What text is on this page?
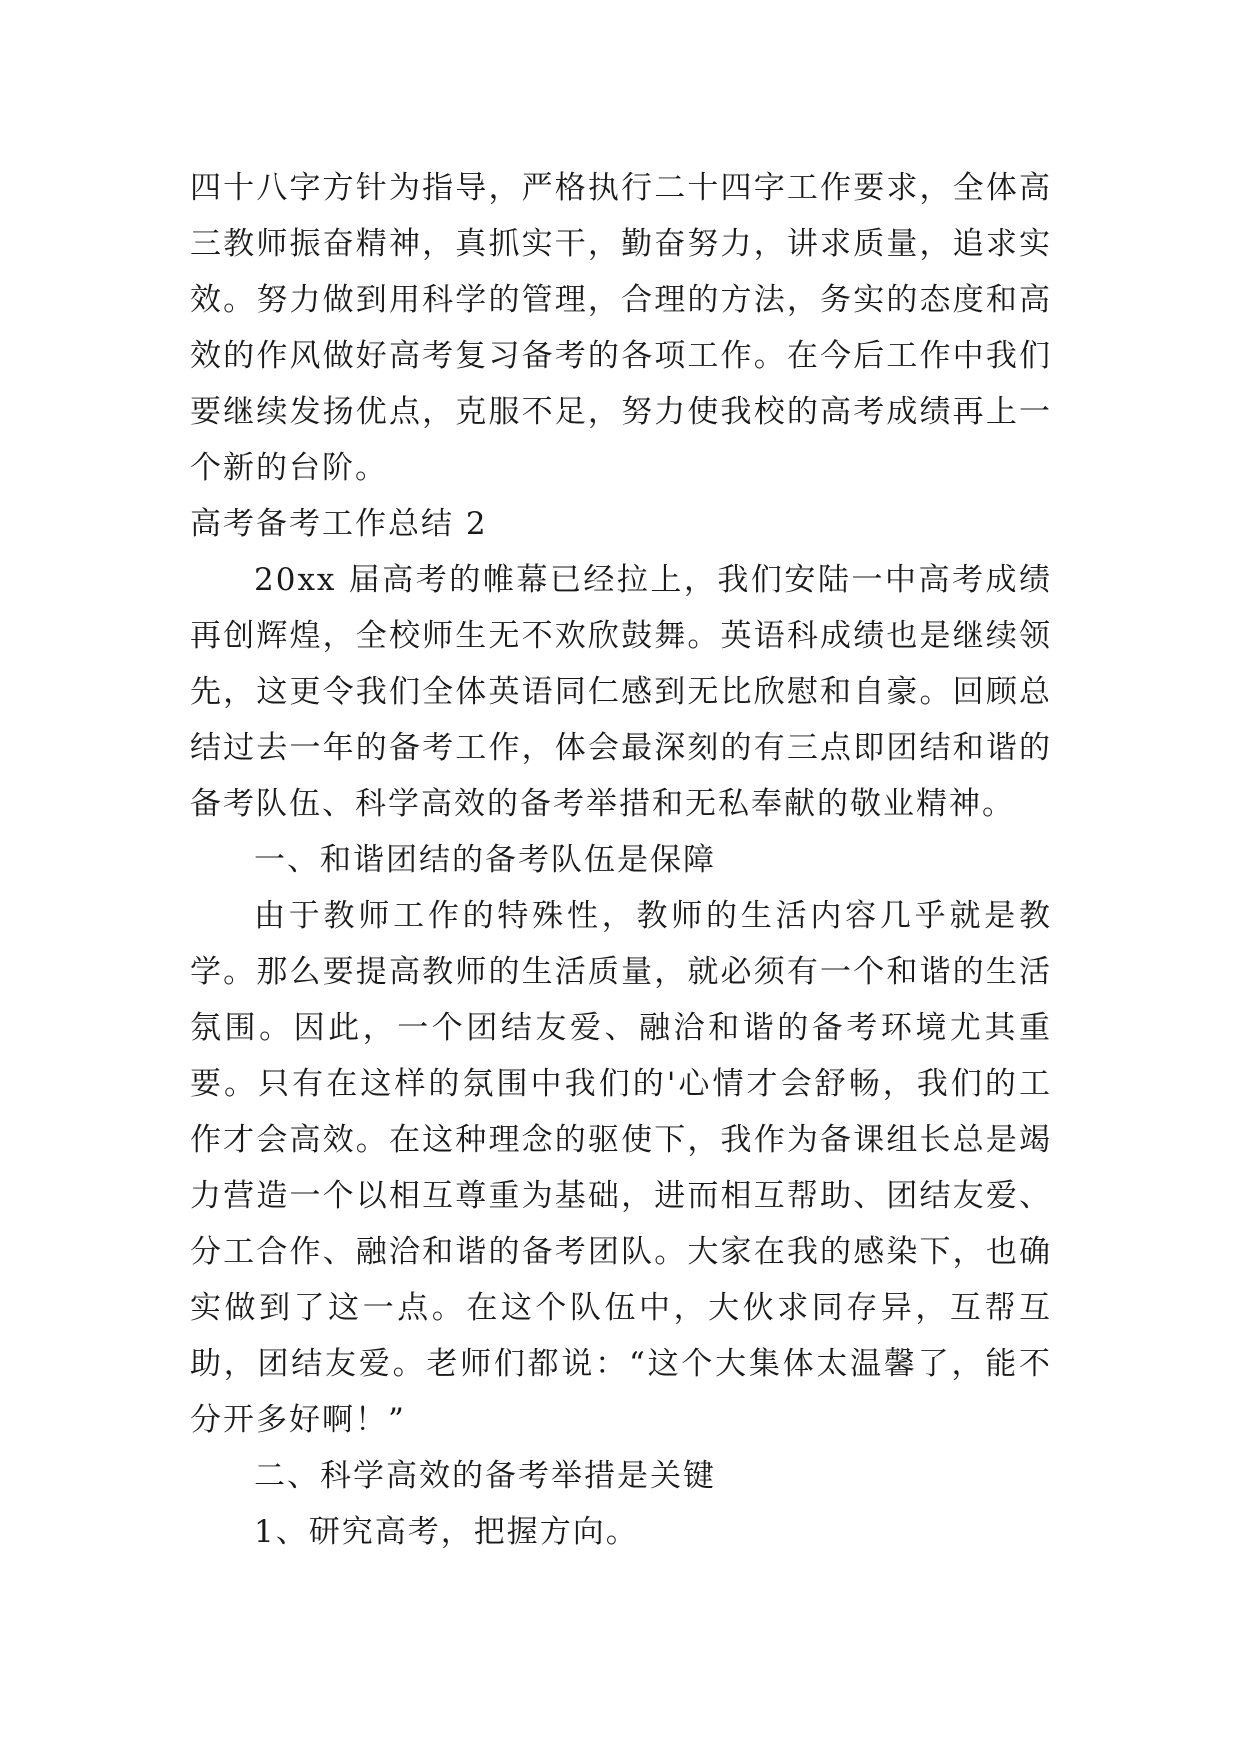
四十八字方针为指导，严格执行二十四字工作要求，全体高三教师振奋精神，真抓实干，勤奋努力，讲求质量，追求实效。努力做到用科学的管理，合理的方法，务实的态度和高效的作风做好高考复习备考的各项工作。在今后工作中我们要继续发扬优点，克服不足，努力使我校的高考成绩再上一个新的台阶。

高考备考工作总结 2

20xx 届高考的帷幕已经拉上，我们安陆一中高考成绩再创辉煌，全校师生无不欢欣鼓舞。英语科成绩也是继续领先，这更令我们全体英语同仁感到无比欣慰和自豪。回顾总结过去一年的备考工作，体会最深刻的有三点即团结和谐的备考队伍、科学高效的备考举措和无私奉献的敬业精神。

一、和谐团结的备考队伍是保障

由于教师工作的特殊性，教师的生活内容几乎就是教学。那么要提高教师的生活质量，就必须有一个和谐的生活氛围。因此，一个团结友爱、融洽和谐的备考环境尤其重要。只有在这样的氛围中我们的'心情才会舒畅，我们的工作才会高效。在这种理念的驱使下，我作为备课组长总是竭力营造一个以相互尊重为基础，进而相互帮助、团结友爱、分工合作、融洽和谐的备考团队。大家在我的感染下，也确实做到了这一点。在这个队伍中，大伙求同存异，互帮互助，团结友爱。老师们都说：“这个大集体太温馨了，能不分开多好啊！”

二、科学高效的备考举措是关键

1、研究高考，把握方向。
